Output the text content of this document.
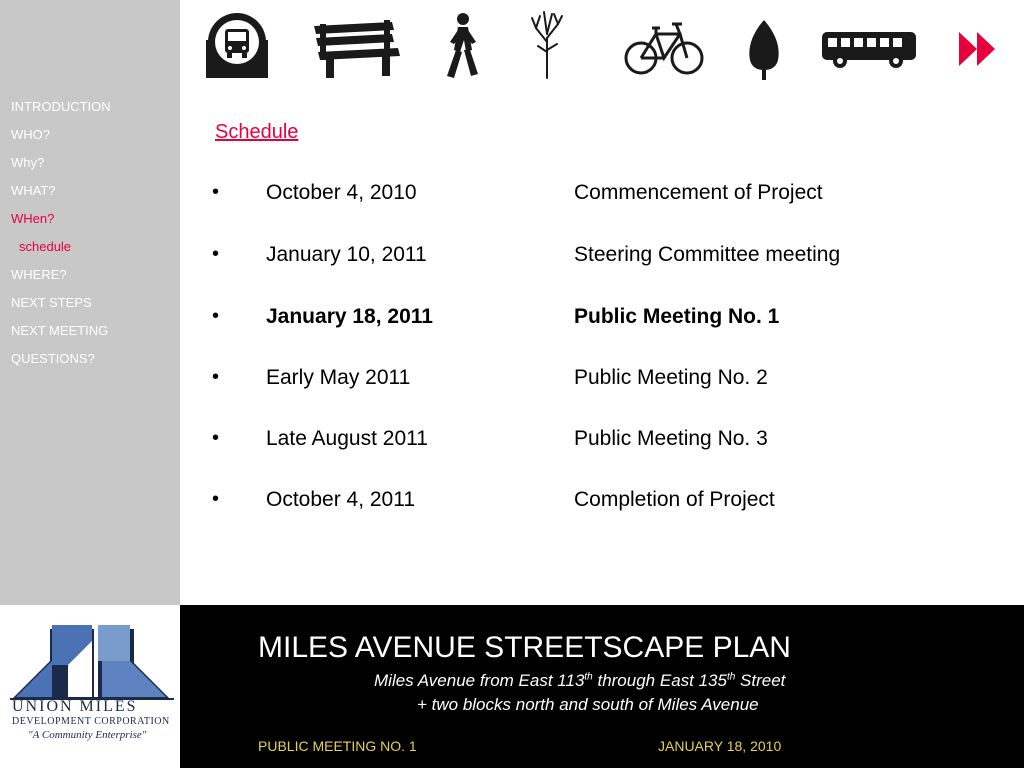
INTRODUCTION
WHO?
Why?
WHAT?
WHen?
schedule
WHERE?
NEXT STEPS
NEXT MEETING
QUESTIONS?
Schedule
• October 4, 2010	Commencement of Project
• January 10, 2011	Steering Committee meeting
• January 18, 2011	Public Meeting No. 1
• Early May 2011	Public Meeting No. 2
• Late August 2011	Public Meeting No. 3
• October 4, 2011	Completion of Project
UNION MILES
DEVELOPMENT CORPORATION
"A Community Enterprise"
MILES AVENUE STREETSCAPE PLAN
Miles Avenue from East 113th through East 135th Street
+ two blocks north and south of Miles Avenue
PUBLIC MEETING NO. 1	JANUARY 18, 2010
